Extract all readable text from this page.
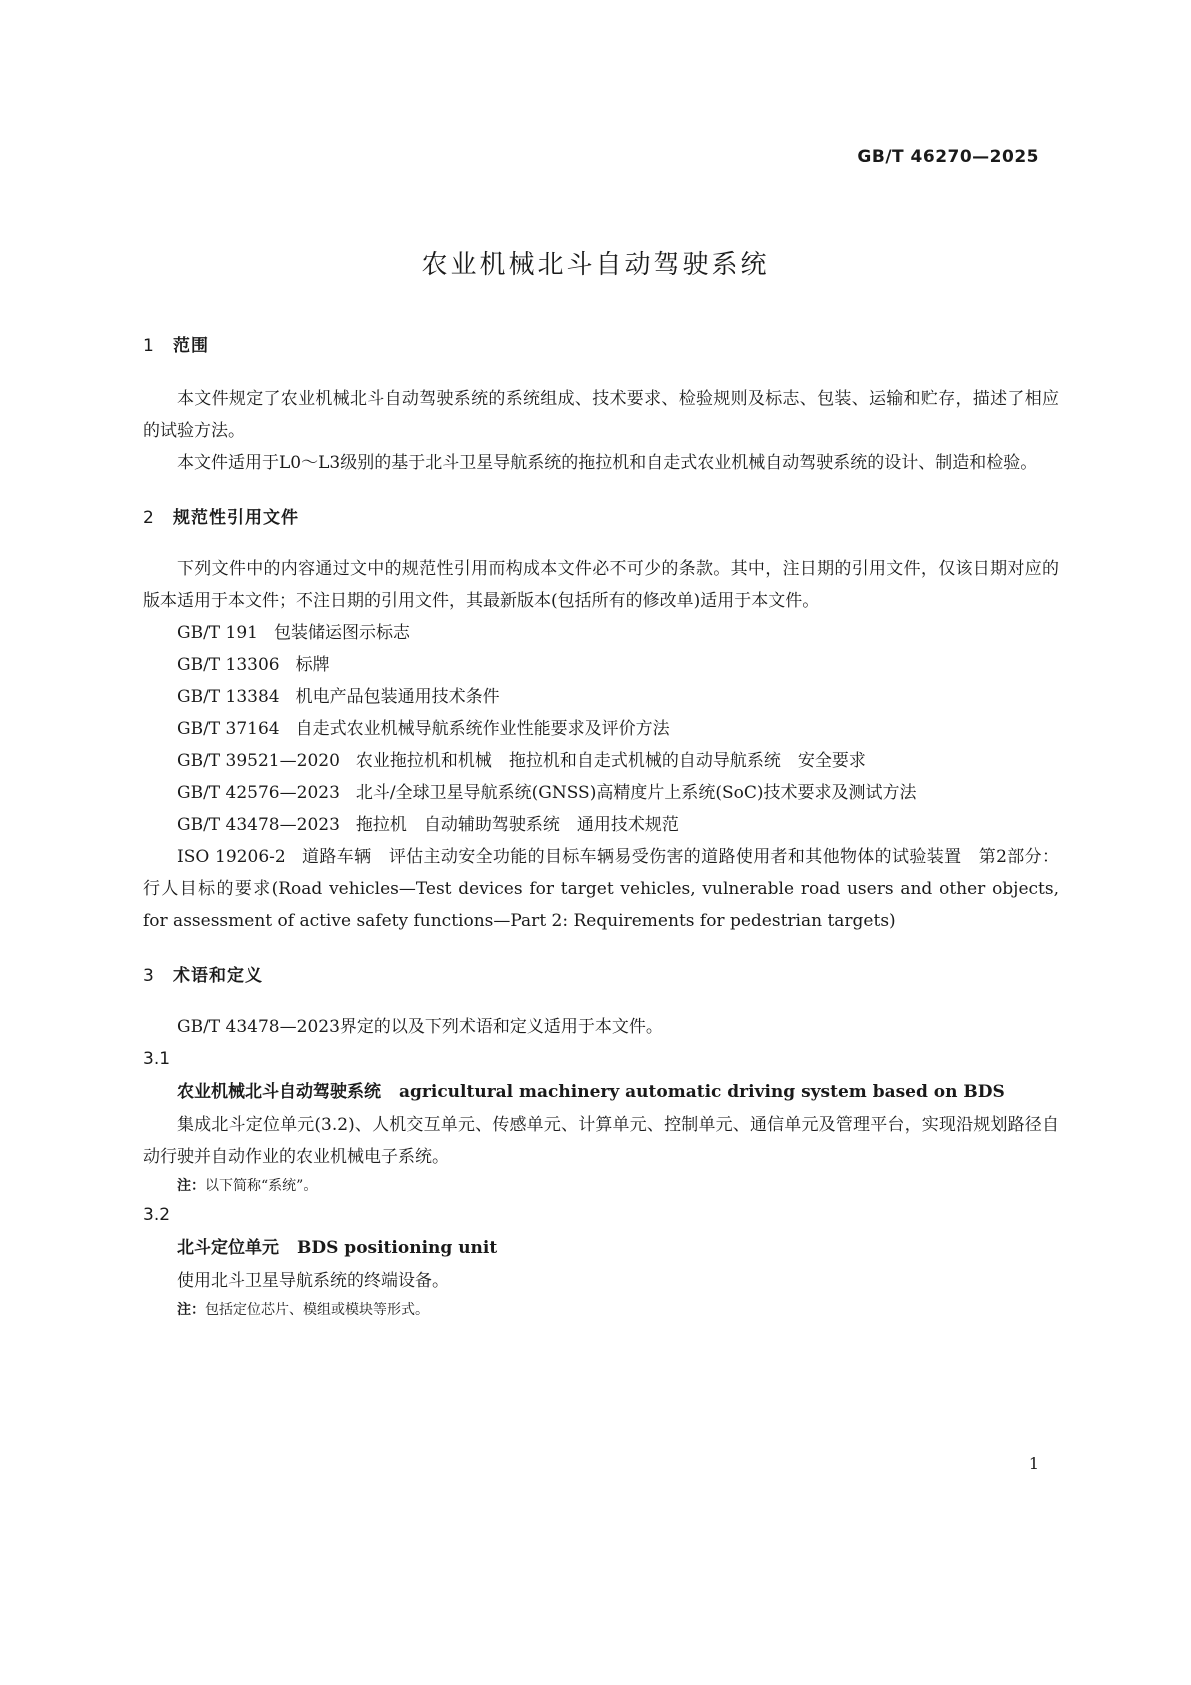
GB/T 46270—2025

农业机械北斗自动驾驶系统
1 范围

本文件规定了农业机械北斗自动驾驶系统的系统组成、技术要求、检验规则及标志、包装、运输和贮存，描述了相应的试验方法。

本文件适用于L0～L3级别的基于北斗卫星导航系统的拖拉机和自走式农业机械自动驾驶系统的设计、制造和检验。

2 规范性引用文件

下列文件中的内容通过文中的规范性引用而构成本文件必不可少的条款。其中，注日期的引用文件，仅该日期对应的版本适用于本文件；不注日期的引用文件，其最新版本(包括所有的修改单)适用于本文件。

GB/T 191 包装储运图示标志

GB/T 13306 标牌

GB/T 13384 机电产品包装通用技术条件

GB/T 37164 自走式农业机械导航系统作业性能要求及评价方法

GB/T 39521—2020 农业拖拉机和机械　拖拉机和自走式机械的自动导航系统　安全要求

GB/T 42576—2023 北斗/全球卫星导航系统(GNSS)高精度片上系统(SoC)技术要求及测试方法

GB/T 43478—2023 拖拉机　自动辅助驾驶系统　通用技术规范

ISO 19206-2 道路车辆　评估主动安全功能的目标车辆易受伤害的道路使用者和其他物体的试验装置　第2部分：行人目标的要求(Road vehicles—Test devices for target vehicles, vulnerable road users and other objects, for assessment of active safety functions—Part 2: Requirements for pedestrian targets)

3 术语和定义

GB/T 43478—2023界定的以及下列术语和定义适用于本文件。

3.1

农业机械北斗自动驾驶系统 agricultural machinery automatic driving system based on BDS

集成北斗定位单元(3.2)、人机交互单元、传感单元、计算单元、控制单元、通信单元及管理平台，实现沿规划路径自动行驶并自动作业的农业机械电子系统。

注：以下简称“系统”。

3.2

北斗定位单元 BDS positioning unit

使用北斗卫星导航系统的终端设备。

注：包括定位芯片、模组或模块等形式。

1
